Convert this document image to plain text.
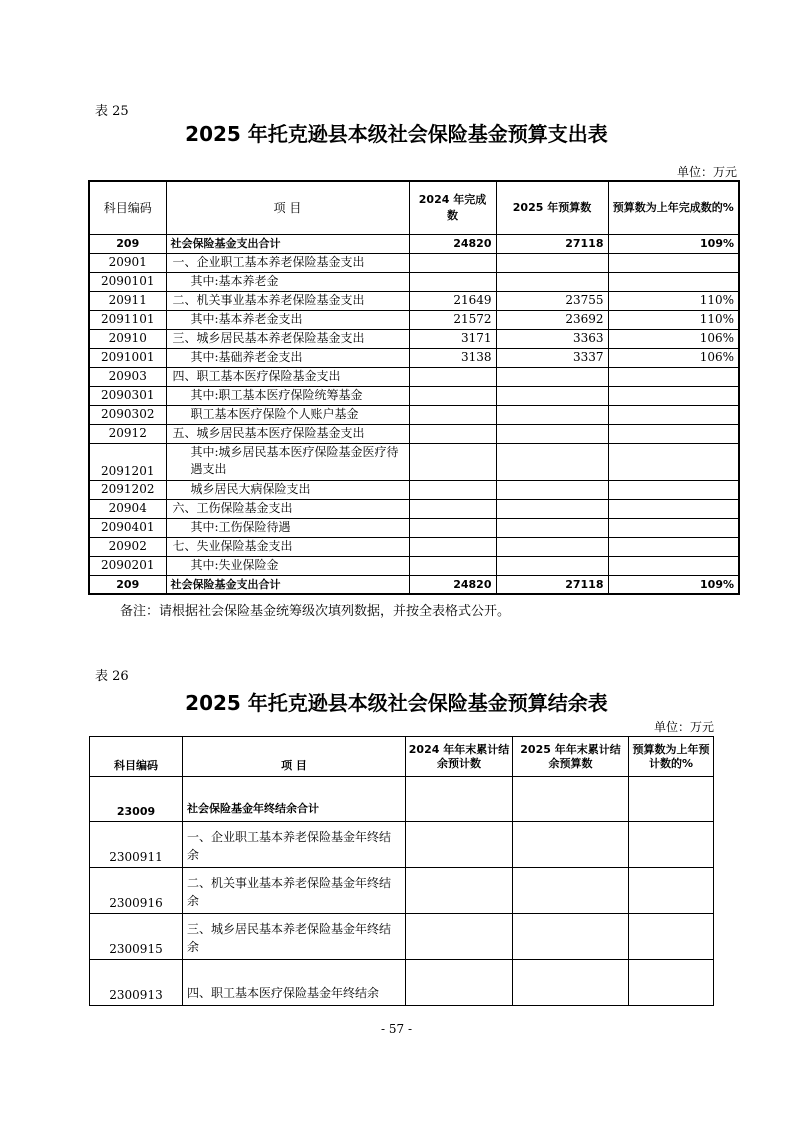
表 25
2025 年托克逊县本级社会保险基金预算支出表
单位：万元
科目编码	项 目	2024 年完成数	2025 年预算数	预算数为上年完成数的%
209	社会保险基金支出合计	24820	27118	109%
20901	一、企业职工基本养老保险基金支出			
2090101	其中:基本养老金			
20911	二、机关事业基本养老保险基金支出	21649	23755	110%
2091101	其中:基本养老金支出	21572	23692	110%
20910	三、城乡居民基本养老保险基金支出	3171	3363	106%
2091001	其中:基础养老金支出	3138	3337	106%
20903	四、职工基本医疗保险基金支出			
2090301	其中:职工基本医疗保险统筹基金			
2090302	职工基本医疗保险个人账户基金			
20912	五、城乡居民基本医疗保险基金支出			
2091201	其中:城乡居民基本医疗保险基金医疗待遇支出			
2091202	城乡居民大病保险支出			
20904	六、工伤保险基金支出			
2090401	其中:工伤保险待遇			
20902	七、失业保险基金支出			
2090201	其中:失业保险金			
209	社会保险基金支出合计	24820	27118	109%
备注：请根据社会保险基金统筹级次填列数据，并按全表格式公开。
表 26
2025 年托克逊县本级社会保险基金预算结余表
单位：万元
科目编码	项 目	2024 年年末累计结余预计数	2025 年年末累计结余预算数	预算数为上年预计数的%
23009	社会保险基金年终结余合计			
2300911	一、企业职工基本养老保险基金年终结余			
2300916	二、机关事业基本养老保险基金年终结余			
2300915	三、城乡居民基本养老保险基金年终结余			
2300913	四、职工基本医疗保险基金年终结余			
- 57 -
